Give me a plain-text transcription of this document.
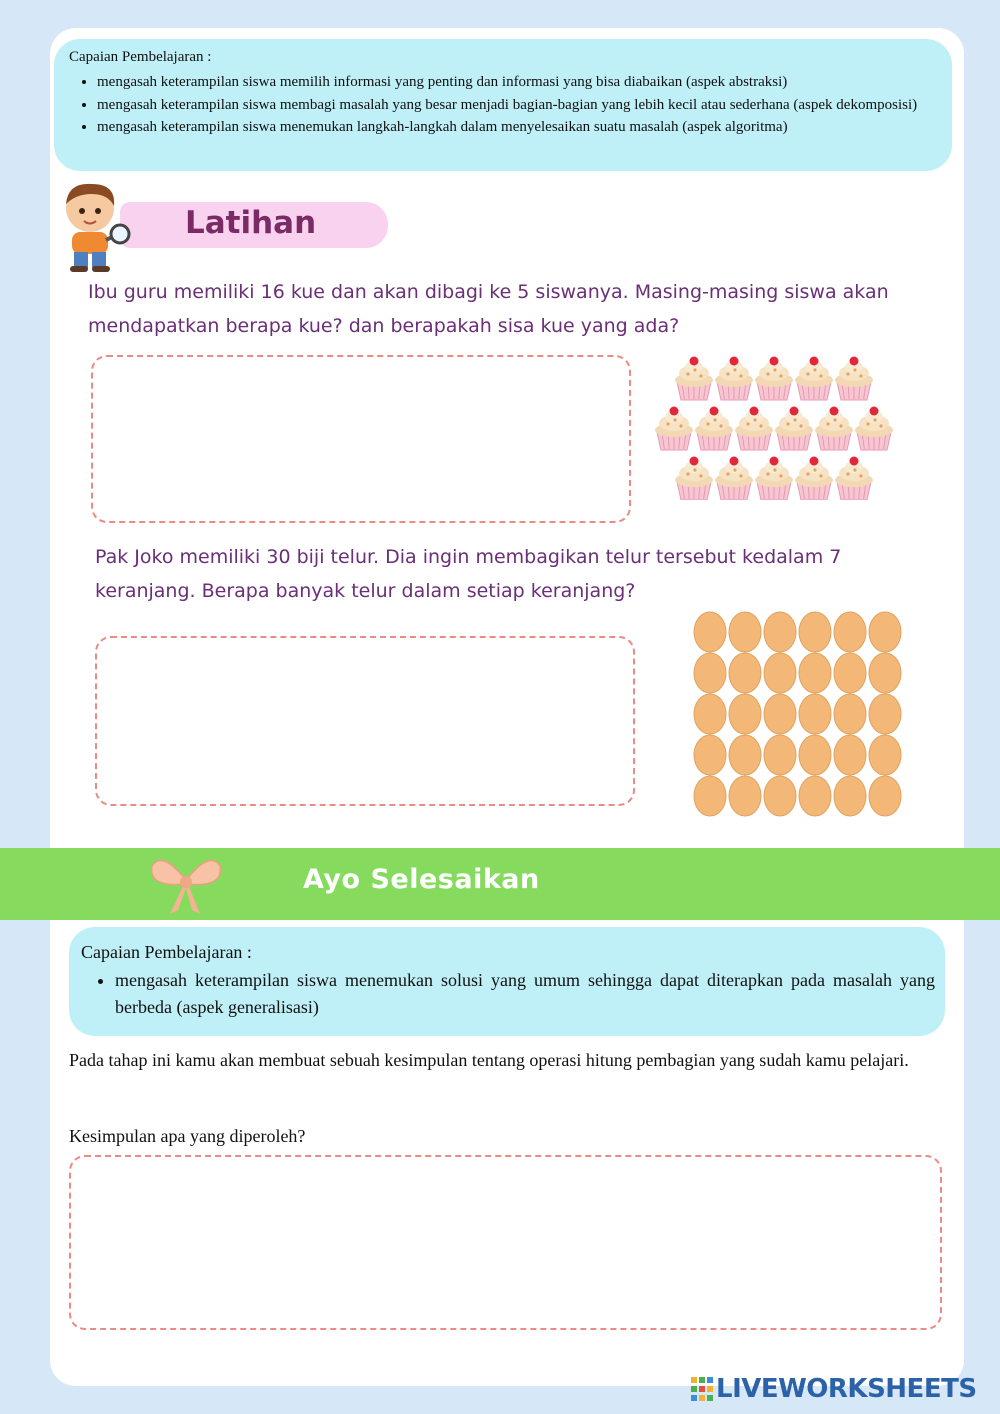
Capaian Pembelajaran :
• mengasah keterampilan siswa memilih informasi yang penting dan informasi yang bisa diabaikan (aspek abstraksi)
• mengasah keterampilan siswa membagi masalah yang besar menjadi bagian-bagian yang lebih kecil atau sederhana (aspek dekomposisi)
• mengasah keterampilan siswa menemukan langkah-langkah dalam menyelesaikan suatu masalah (aspek algoritma)
Latihan
Ibu guru memiliki 16 kue dan akan dibagi ke 5 siswanya. Masing-masing siswa akan mendapatkan berapa kue? dan berapakah sisa kue yang ada?
Pak Joko memiliki 30 biji telur. Dia ingin membagikan telur tersebut kedalam 7 keranjang. Berapa banyak telur dalam setiap keranjang?
Ayo Selesaikan
Capaian Pembelajaran :
• mengasah keterampilan siswa menemukan solusi yang umum sehingga dapat diterapkan pada masalah yang berbeda (aspek generalisasi)
Pada tahap ini kamu akan membuat sebuah kesimpulan tentang operasi hitung pembagian yang sudah kamu pelajari.
Kesimpulan apa yang diperoleh?
LIVEWORKSHEETS
